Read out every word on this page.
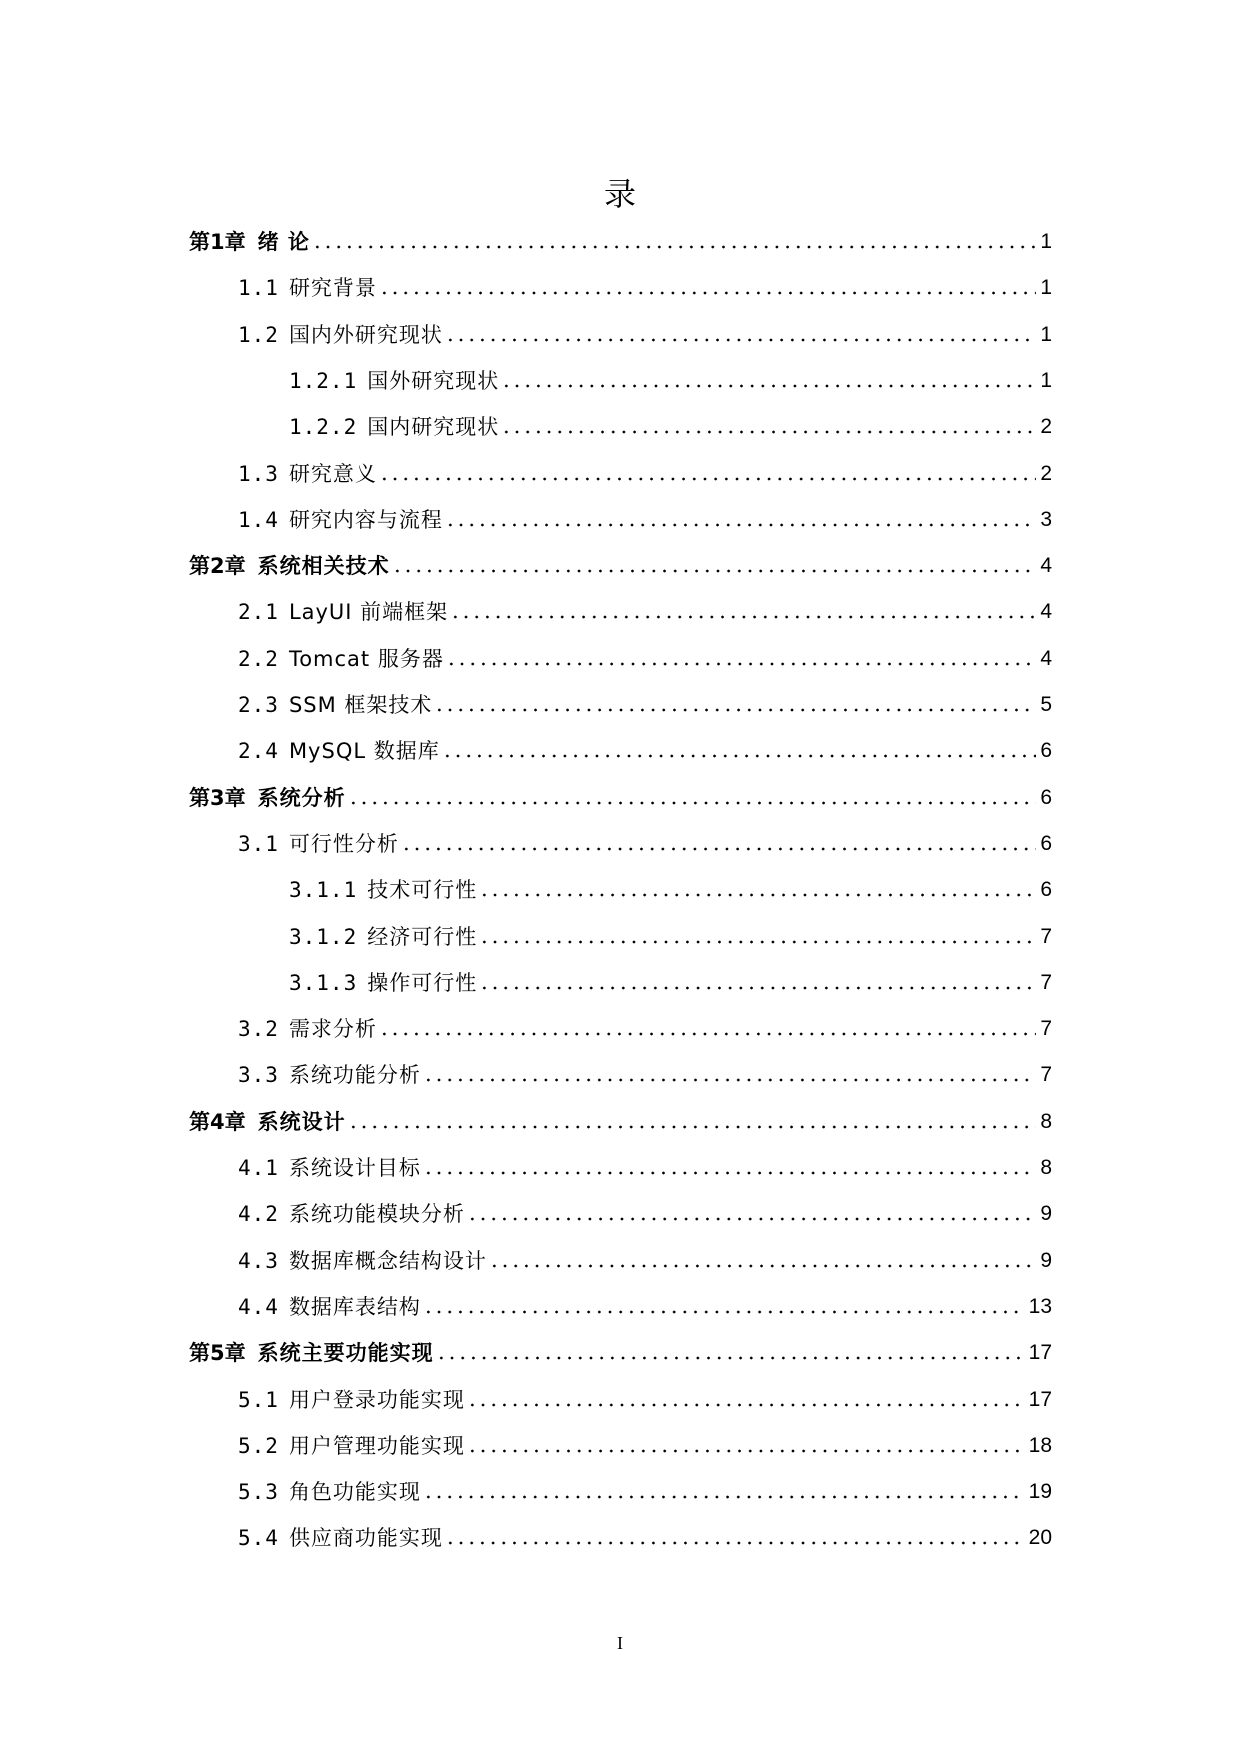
录
第1章 绪 论	1
1.1 研究背景	1
1.2 国内外研究现状	1
1.2.1 国外研究现状	1
1.2.2 国内研究现状	2
1.3 研究意义	2
1.4 研究内容与流程	3
第2章 系统相关技术	4
2.1 LayUI 前端框架	4
2.2 Tomcat 服务器	4
2.3 SSM 框架技术	5
2.4 MySQL 数据库	6
第3章 系统分析	6
3.1 可行性分析	6
3.1.1 技术可行性	6
3.1.2 经济可行性	7
3.1.3 操作可行性	7
3.2 需求分析	7
3.3 系统功能分析	7
第4章 系统设计	8
4.1 系统设计目标	8
4.2 系统功能模块分析	9
4.3 数据库概念结构设计	9
4.4 数据库表结构	13
第5章 系统主要功能实现	17
5.1 用户登录功能实现	17
5.2 用户管理功能实现	18
5.3 角色功能实现	19
5.4 供应商功能实现	20
I
